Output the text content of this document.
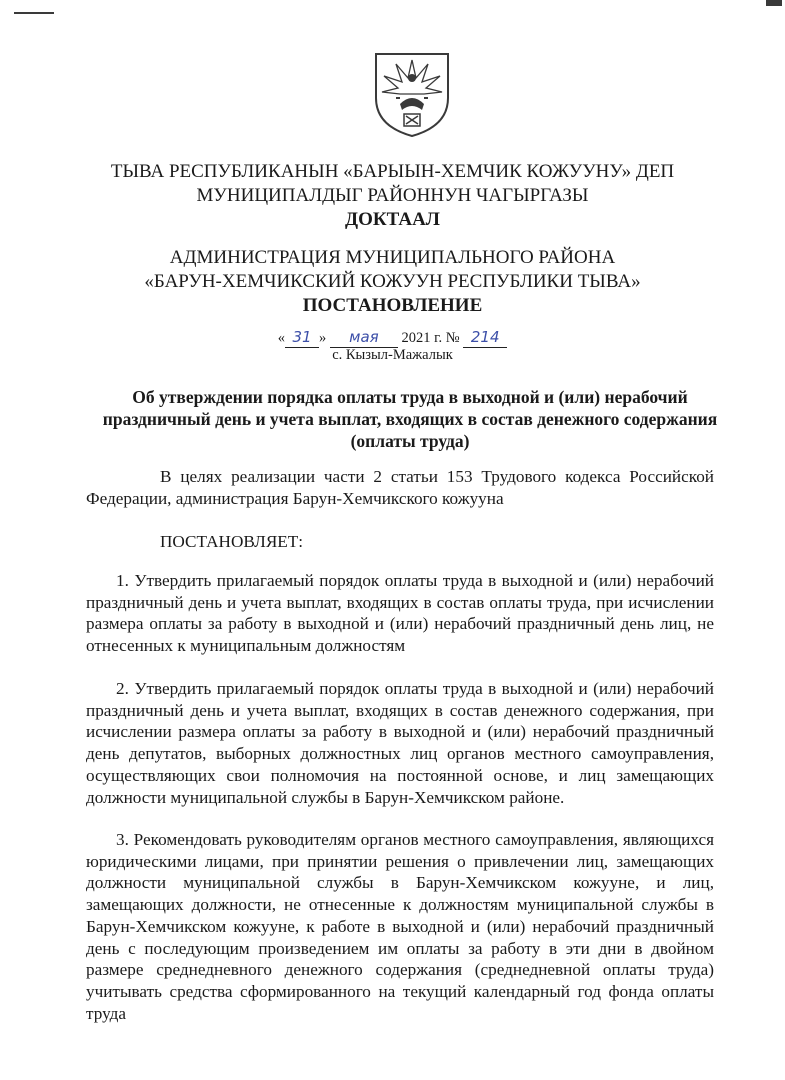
ТЫВА РЕСПУБЛИКАНЫН «БАРЫЫН-ХЕМЧИК КОЖУУНУ» ДЕП
МУНИЦИПАЛДЫГ РАЙОННУН ЧАГЫРГАЗЫ
ДОКТААЛ
АДМИНИСТРАЦИЯ МУНИЦИПАЛЬНОГО РАЙОНА
«БАРУН-ХЕМЧИКСКИЙ КОЖУУН РЕСПУБЛИКИ ТЫВА»
ПОСТАНОВЛЕНИЕ
« 31 » мая 2021 г. № 214
с. Кызыл-Мажалык
Об утверждении порядка оплаты труда в выходной и (или) нерабочий праздничный день и учета выплат, входящих в состав денежного содержания (оплаты труда)
В целях реализации части 2 статьи 153 Трудового кодекса Российской Федерации, администрация Барун-Хемчикского кожууна
ПОСТАНОВЛЯЕТ:
1. Утвердить прилагаемый порядок оплаты труда в выходной и (или) нерабочий праздничный день и учета выплат, входящих в состав оплаты труда, при исчислении размера оплаты за работу в выходной и (или) нерабочий праздничный день лиц, не отнесенных к муниципальным должностям
2. Утвердить прилагаемый порядок оплаты труда в выходной и (или) нерабочий праздничный день и учета выплат, входящих в состав денежного содержания, при исчислении размера оплаты за работу в выходной и (или) нерабочий праздничный день депутатов, выборных должностных лиц органов местного самоуправления, осуществляющих свои полномочия на постоянной основе, и лиц замещающих должности муниципальной службы в Барун-Хемчикском районе.
3. Рекомендовать руководителям органов местного самоуправления, являющихся юридическими лицами, при принятии решения о привлечении лиц, замещающих должности муниципальной службы в Барун-Хемчикском кожууне, и лиц, замещающих должности, не отнесенные к должностям муниципальной службы в Барун-Хемчикском кожууне, к работе в выходной и (или) нерабочий праздничный день с последующим произведением им оплаты за работу в эти дни в двойном размере среднедневного денежного содержания (среднедневной оплаты труда) учитывать средства сформированного на текущий календарный год фонда оплаты труда
